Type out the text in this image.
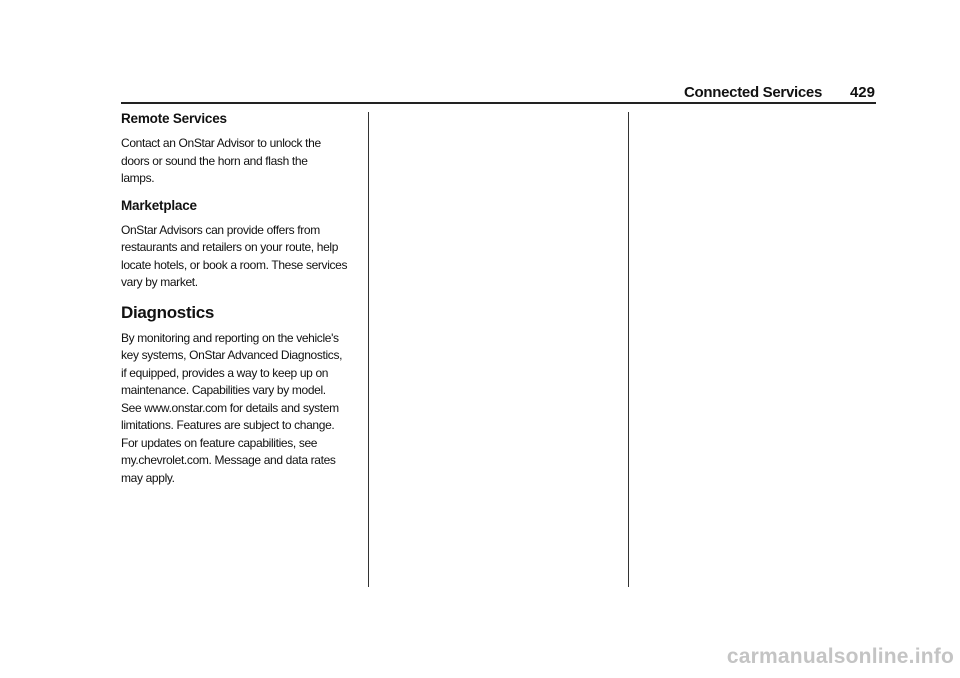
Connected Services	429
Remote Services

Contact an OnStar Advisor to unlock the
doors or sound the horn and flash the
lamps.

Marketplace

OnStar Advisors can provide offers from
restaurants and retailers on your route, help
locate hotels, or book a room. These services
vary by market.

Diagnostics

By monitoring and reporting on the vehicle's
key systems, OnStar Advanced Diagnostics,
if equipped, provides a way to keep up on
maintenance. Capabilities vary by model.
See www.onstar.com for details and system
limitations. Features are subject to change.
For updates on feature capabilities, see
my.chevrolet.com. Message and data rates
may apply.

carmanualsonline.info
